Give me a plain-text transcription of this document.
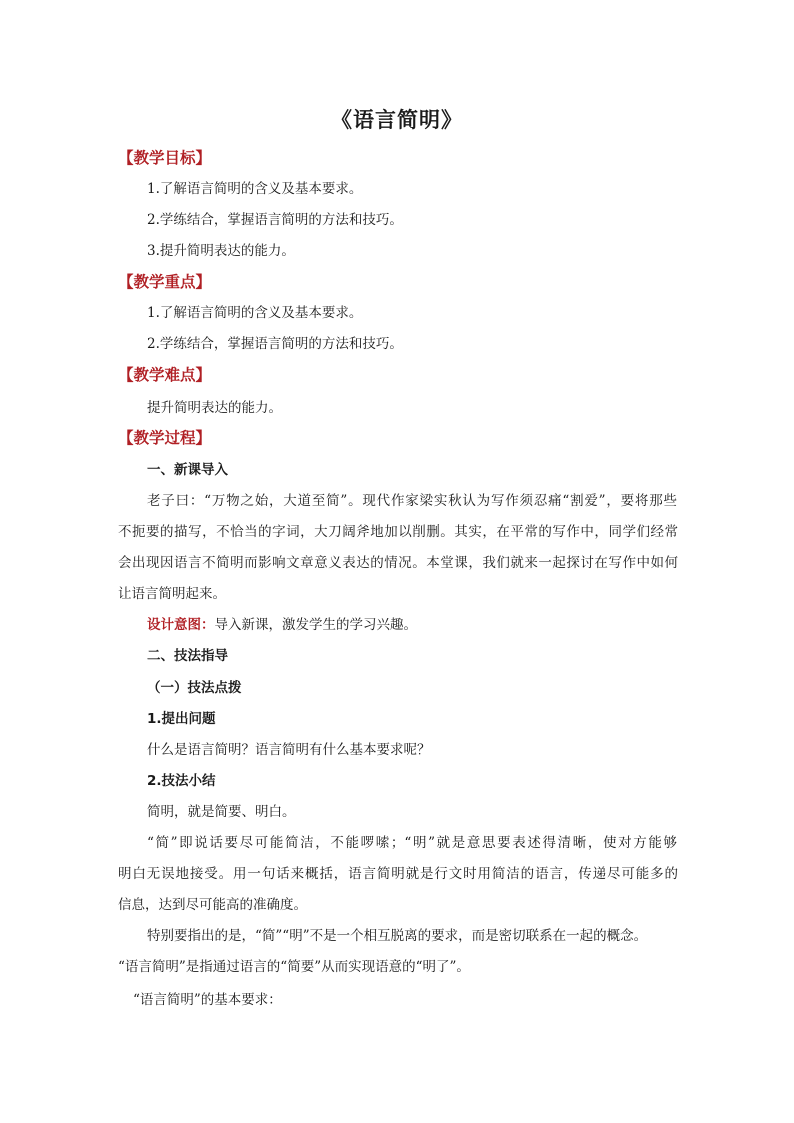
《语言简明》
【教学目标】
1.了解语言简明的含义及基本要求。
2.学练结合，掌握语言简明的方法和技巧。
3.提升简明表达的能力。
【教学重点】
1.了解语言简明的含义及基本要求。
2.学练结合，掌握语言简明的方法和技巧。
【教学难点】
提升简明表达的能力。
【教学过程】
一、新课导入
老子曰：“万物之始，大道至简”。现代作家梁实秋认为写作须忍痛“割爱”，要将那些
不扼要的描写，不恰当的字词，大刀阔斧地加以削删。其实，在平常的写作中，同学们经常
会出现因语言不简明而影响文章意义表达的情况。本堂课，我们就来一起探讨在写作中如何
让语言简明起来。
设计意图：导入新课，激发学生的学习兴趣。
二、技法指导
（一）技法点拨
1.提出问题
什么是语言简明？语言简明有什么基本要求呢？
2.技法小结
简明，就是简要、明白。
“简”即说话要尽可能简洁，不能啰嗦；“明”就是意思要表述得清晰，使对方能够
明白无误地接受。用一句话来概括，语言简明就是行文时用简洁的语言，传递尽可能多的
信息，达到尽可能高的准确度。
特别要指出的是，“简”“明”不是一个相互脱离的要求，而是密切联系在一起的概念。
“语言简明”是指通过语言的“简要”从而实现语意的“明了”。
“语言简明”的基本要求：
